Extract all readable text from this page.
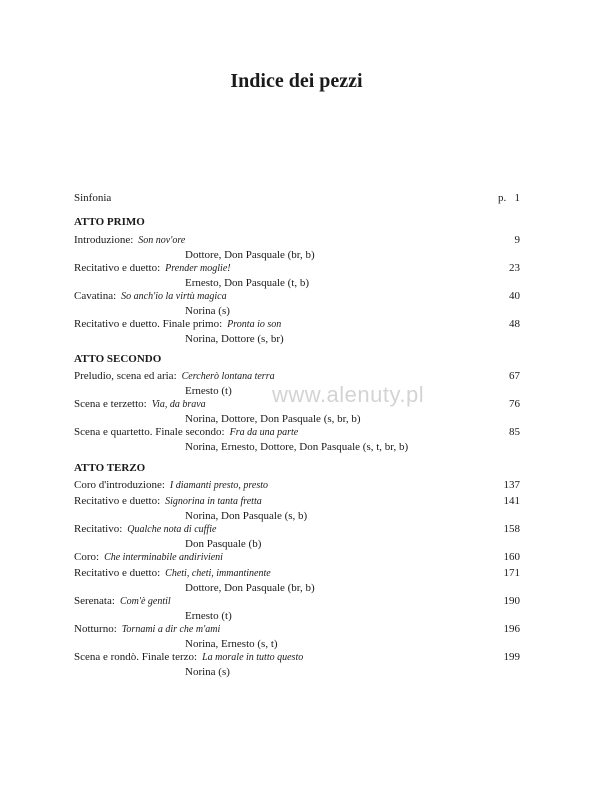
Indice dei pezzi
Sinfonia	p.   1
ATTO PRIMO
Introduzione: Son nov'ore	9
Dottore, Don Pasquale (br, b)
Recitativo e duetto: Prender moglie!	23
Ernesto, Don Pasquale (t, b)
Cavatina: So anch'io la virtù magica	40
Norina (s)
Recitativo e duetto. Finale primo: Pronta io son	48
Norina, Dottore (s, br)
ATTO SECONDO
Preludio, scena ed aria: Cercherò lontana terra	67
Ernesto (t)
Scena e terzetto: Via, da brava	76
Norina, Dottore, Don Pasquale (s, br, b)
Scena e quartetto. Finale secondo: Fra da una parte	85
Norina, Ernesto, Dottore, Don Pasquale (s, t, br, b)
ATTO TERZO
Coro d'introduzione: I diamanti presto, presto	137
Recitativo e duetto: Signorina in tanta fretta	141
Norina, Don Pasquale (s, b)
Recitativo: Qualche nota di cuffie	158
Don Pasquale (b)
Coro: Che interminabile andirivieni	160
Recitativo e duetto: Cheti, cheti, immantinente	171
Dottore, Don Pasquale (br, b)
Serenata: Com'è gentil	190
Ernesto (t)
Notturno: Tornami a dir che m'ami	196
Norina, Ernesto (s, t)
Scena e rondò. Finale terzo: La morale in tutto questo	199
Norina (s)
www.alenuty.pl
